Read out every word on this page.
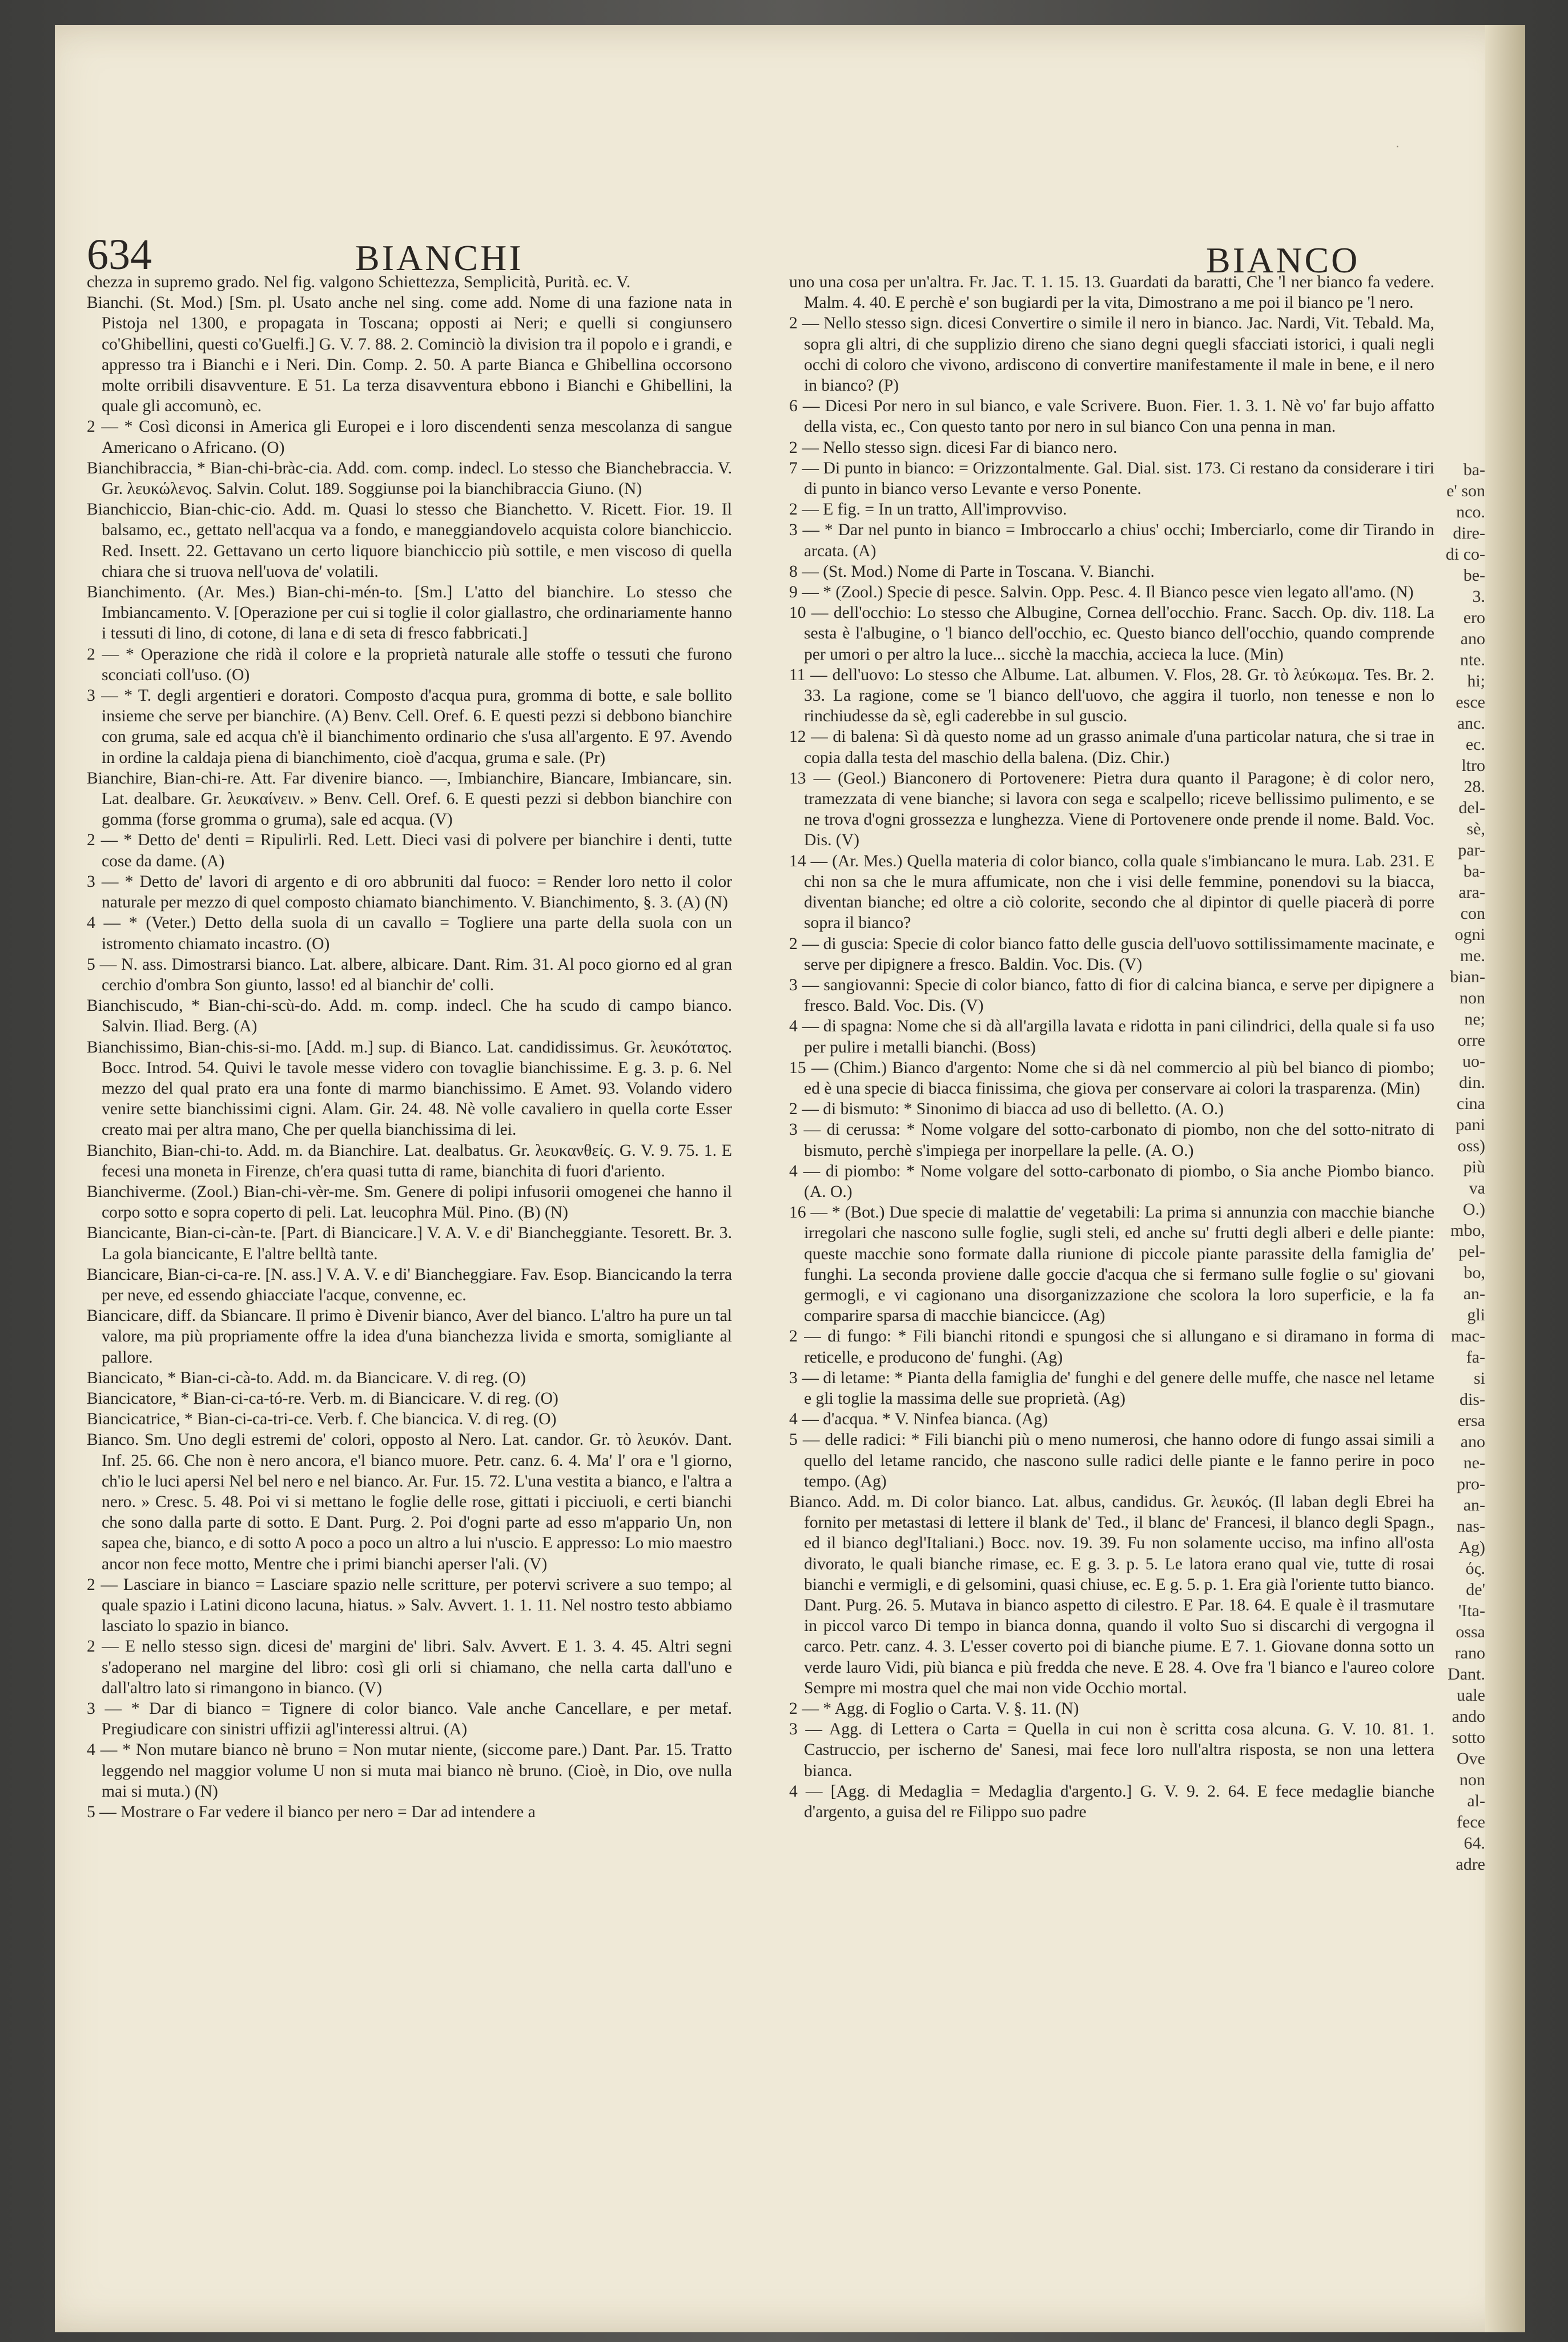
·
634	BIANCHI	BIANCO

chezza in supremo grado. Nel fig. valgono Schiettezza, Semplicità, Purità. ec. V.

Bianchi. (St. Mod.) [Sm. pl. Usato anche nel sing. come add. Nome di una fazione nata in Pistoja nel 1300, e propagata in Toscana; opposti ai Neri; e quelli si congiunsero co'Ghibellini, questi co'Guelfi.] G. V. 7. 88. 2. Cominciò la division tra il popolo e i grandi, e appresso tra i Bianchi e i Neri. Din. Comp. 2. 50. A parte Bianca e Ghibellina occorsono molte orribili disavventure. E 51. La terza disavventura ebbono i Bianchi e Ghibellini, la quale gli accomunò, ec.

2 — * Così diconsi in America gli Europei e i loro discendenti senza mescolanza di sangue Americano o Africano. (O)

Bianchibraccia, * Bian-chi-bràc-cia. Add. com. comp. indecl. Lo stesso che Bianchebraccia. V. Gr. λευκώλενος. Salvin. Colut. 189. Soggiunse poi la bianchibraccia Giuno. (N)

Bianchiccio, Bian-chic-cio. Add. m. Quasi lo stesso che Bianchetto. V. Ricett. Fior. 19. Il balsamo, ec., gettato nell'acqua va a fondo, e maneggiandovelo acquista colore bianchiccio. Red. Insett. 22. Gettavano un certo liquore bianchiccio più sottile, e men viscoso di quella chiara che si truova nell'uova de' volatili.

Bianchimento. (Ar. Mes.) Bian-chi-mén-to. [Sm.] L'atto del bianchire. Lo stesso che Imbiancamento. V. [Operazione per cui si toglie il color giallastro, che ordinariamente hanno i tessuti di lino, di cotone, di lana e di seta di fresco fabbricati.]

2 — * Operazione che ridà il colore e la proprietà naturale alle stoffe o tessuti che furono sconciati coll'uso. (O)

3 — * T. degli argentieri e doratori. Composto d'acqua pura, gromma di botte, e sale bollito insieme che serve per bianchire. (A) Benv. Cell. Oref. 6. E questi pezzi si debbono bianchire con gruma, sale ed acqua ch'è il bianchimento ordinario che s'usa all'argento. E 97. Avendo in ordine la caldaja piena di bianchimento, cioè d'acqua, gruma e sale. (Pr)

Bianchire, Bian-chi-re. Att. Far divenire bianco. —, Imbianchire, Biancare, Imbiancare, sin. Lat. dealbare. Gr. λευκαίνειν. » Benv. Cell. Oref. 6. E questi pezzi si debbon bianchire con gomma (forse gromma o gruma), sale ed acqua. (V)

2 — * Detto de' denti = Ripulirli. Red. Lett. Dieci vasi di polvere per bianchire i denti, tutte cose da dame. (A)

3 — * Detto de' lavori di argento e di oro abbruniti dal fuoco: = Render loro netto il color naturale per mezzo di quel composto chiamato bianchimento. V. Bianchimento, §. 3. (A) (N)

4 — * (Veter.) Detto della suola di un cavallo = Togliere una parte della suola con un istromento chiamato incastro. (O)

5 — N. ass. Dimostrarsi bianco. Lat. albere, albicare. Dant. Rim. 31. Al poco giorno ed al gran cerchio d'ombra Son giunto, lasso! ed al bianchir de' colli.

Bianchiscudo, * Bian-chi-scù-do. Add. m. comp. indecl. Che ha scudo di campo bianco. Salvin. Iliad. Berg. (A)

Bianchissimo, Bian-chis-si-mo. [Add. m.] sup. di Bianco. Lat. candidissimus. Gr. λευκότατος. Bocc. Introd. 54. Quivi le tavole messe videro con tovaglie bianchissime. E g. 3. p. 6. Nel mezzo del qual prato era una fonte di marmo bianchissimo. E Amet. 93. Volando videro venire sette bianchissimi cigni. Alam. Gir. 24. 48. Nè volle cavaliero in quella corte Esser creato mai per altra mano, Che per quella bianchissima di lei.

Bianchito, Bian-chi-to. Add. m. da Bianchire. Lat. dealbatus. Gr. λευκανθείς. G. V. 9. 75. 1. E fecesi una moneta in Firenze, ch'era quasi tutta di rame, bianchita di fuori d'ariento.

Bianchiverme. (Zool.) Bian-chi-vèr-me. Sm. Genere di polipi infusorii omogenei che hanno il corpo sotto e sopra coperto di peli. Lat. leucophra Mül. Pino. (B) (N)

Biancicante, Bian-ci-càn-te. [Part. di Biancicare.] V. A. V. e di' Biancheggiante. Tesorett. Br. 3. La gola biancicante, E l'altre belltà tante.

Biancicare, Bian-ci-ca-re. [N. ass.] V. A. V. e di' Biancheggiare. Fav. Esop. Biancicando la terra per neve, ed essendo ghiacciate l'acque, convenne, ec.

Biancicare, diff. da Sbiancare. Il primo è Divenir bianco, Aver del bianco. L'altro ha pure un tal valore, ma più propriamente offre la idea d'una bianchezza livida e smorta, somigliante al pallore.

Biancicato, * Bian-ci-cà-to. Add. m. da Biancicare. V. di reg. (O)

Biancicatore, * Bian-ci-ca-tó-re. Verb. m. di Biancicare. V. di reg. (O)

Biancicatrice, * Bian-ci-ca-tri-ce. Verb. f. Che biancica. V. di reg. (O)

Bianco. Sm. Uno degli estremi de' colori, opposto al Nero. Lat. candor. Gr. τὸ λευκόν. Dant. Inf. 25. 66. Che non è nero ancora, e'l bianco muore. Petr. canz. 6. 4. Ma' l' ora e 'l giorno, ch'io le luci apersi Nel bel nero e nel bianco. Ar. Fur. 15. 72. L'una vestita a bianco, e l'altra a nero. » Cresc. 5. 48. Poi vi si mettano le foglie delle rose, gittati i picciuoli, e certi bianchi che sono dalla parte di sotto. E Dant. Purg. 2. Poi d'ogni parte ad esso m'appario Un, non sapea che, bianco, e di sotto A poco a poco un altro a lui n'uscio. E appresso: Lo mio maestro ancor non fece motto, Mentre che i primi bianchi aperser l'ali. (V)

2 — Lasciare in bianco = Lasciare spazio nelle scritture, per potervi scrivere a suo tempo; al quale spazio i Latini dicono lacuna, hiatus. » Salv. Avvert. 1. 1. 11. Nel nostro testo abbiamo lasciato lo spazio in bianco.

2 — E nello stesso sign. dicesi de' margini de' libri. Salv. Avvert. E 1. 3. 4. 45. Altri segni s'adoperano nel margine del libro: così gli orli si chiamano, che nella carta dall'uno e dall'altro lato si rimangono in bianco. (V)

3 — * Dar di bianco = Tignere di color bianco. Vale anche Cancellare, e per metaf. Pregiudicare con sinistri uffizii agl'interessi altrui. (A)

4 — * Non mutare bianco nè bruno = Non mutar niente, (siccome pare.) Dant. Par. 15. Tratto leggendo nel maggior volume U non si muta mai bianco nè bruno. (Cioè, in Dio, ove nulla mai si muta.) (N)

5 — Mostrare o Far vedere il bianco per nero = Dar ad intendere a

uno una cosa per un'altra. Fr. Jac. T. 1. 15. 13. Guardati da baratti, Che 'l ner bianco fa vedere. Malm. 4. 40. E perchè e' son bugiardi per la vita, Dimostrano a me poi il bianco pe 'l nero.

2 — Nello stesso sign. dicesi Convertire o simile il nero in bianco. Jac. Nardi, Vit. Tebald. Ma, sopra gli altri, di che supplizio direno che siano degni quegli sfacciati istorici, i quali negli occhi di coloro che vivono, ardiscono di convertire manifestamente il male in bene, e il nero in bianco? (P)

6 — Dicesi Por nero in sul bianco, e vale Scrivere. Buon. Fier. 1. 3. 1. Nè vo' far bujo affatto della vista, ec., Con questo tanto por nero in sul bianco Con una penna in man.

2 — Nello stesso sign. dicesi Far di bianco nero.

7 — Di punto in bianco: = Orizzontalmente. Gal. Dial. sist. 173. Ci restano da considerare i tiri di punto in bianco verso Levante e verso Ponente.

2 — E fig. = In un tratto, All'improvviso.

3 — * Dar nel punto in bianco = Imbroccarlo a chius' occhi; Imberciarlo, come dir Tirando in arcata. (A)

8 — (St. Mod.) Nome di Parte in Toscana. V. Bianchi.

9 — * (Zool.) Specie di pesce. Salvin. Opp. Pesc. 4. Il Bianco pesce vien legato all'amo. (N)

10 — dell'occhio: Lo stesso che Albugine, Cornea dell'occhio. Franc. Sacch. Op. div. 118. La sesta è l'albugine, o 'l bianco dell'occhio, ec. Questo bianco dell'occhio, quando comprende per umori o per altro la luce... sicchè la macchia, accieca la luce. (Min)

11 — dell'uovo: Lo stesso che Albume. Lat. albumen. V. Flos, 28. Gr. τὸ λεύκωμα. Tes. Br. 2. 33. La ragione, come se 'l bianco dell'uovo, che aggira il tuorlo, non tenesse e non lo rinchiudesse da sè, egli caderebbe in sul guscio.

12 — di balena: Sì dà questo nome ad un grasso animale d'una particolar natura, che si trae in copia dalla testa del maschio della balena. (Diz. Chir.)

13 — (Geol.) Bianconero di Portovenere: Pietra dura quanto il Paragone; è di color nero, tramezzata di vene bianche; si lavora con sega e scalpello; riceve bellissimo pulimento, e se ne trova d'ogni grossezza e lunghezza. Viene di Portovenere onde prende il nome. Bald. Voc. Dis. (V)

14 — (Ar. Mes.) Quella materia di color bianco, colla quale s'imbiancano le mura. Lab. 231. E chi non sa che le mura affumicate, non che i visi delle femmine, ponendovi su la biacca, diventan bianche; ed oltre a ciò colorite, secondo che al dipintor di quelle piacerà di porre sopra il bianco?

2 — di guscia: Specie di color bianco fatto delle guscia dell'uovo sottilissimamente macinate, e serve per dipignere a fresco. Baldin. Voc. Dis. (V)

3 — sangiovanni: Specie di color bianco, fatto di fior di calcina bianca, e serve per dipignere a fresco. Bald. Voc. Dis. (V)

4 — di spagna: Nome che si dà all'argilla lavata e ridotta in pani cilindrici, della quale si fa uso per pulire i metalli bianchi. (Boss)

15 — (Chim.) Bianco d'argento: Nome che si dà nel commercio al più bel bianco di piombo; ed è una specie di biacca finissima, che giova per conservare ai colori la trasparenza. (Min)

2 — di bismuto: * Sinonimo di biacca ad uso di belletto. (A. O.)

3 — di cerussa: * Nome volgare del sotto-carbonato di piombo, non che del sotto-nitrato di bismuto, perchè s'impiega per inorpellare la pelle. (A. O.)

4 — di piombo: * Nome volgare del sotto-carbonato di piombo, o Sia anche Piombo bianco. (A. O.)

16 — * (Bot.) Due specie di malattie de' vegetabili: La prima si annunzia con macchie bianche irregolari che nascono sulle foglie, sugli steli, ed anche su' frutti degli alberi e delle piante: queste macchie sono formate dalla riunione di piccole piante parassite della famiglia de' funghi. La seconda proviene dalle goccie d'acqua che si fermano sulle foglie o su' giovani germogli, e vi cagionano una disorganizzazione che scolora la loro superficie, e la fa comparire sparsa di macchie biancicce. (Ag)

2 — di fungo: * Fili bianchi ritondi e spungosi che si allungano e si diramano in forma di reticelle, e producono de' funghi. (Ag)

3 — di letame: * Pianta della famiglia de' funghi e del genere delle muffe, che nasce nel letame e gli toglie la massima delle sue proprietà. (Ag)

4 — d'acqua. * V. Ninfea bianca. (Ag)

5 — delle radici: * Fili bianchi più o meno numerosi, che hanno odore di fungo assai simili a quello del letame rancido, che nascono sulle radici delle piante e le fanno perire in poco tempo. (Ag)

Bianco. Add. m. Di color bianco. Lat. albus, candidus. Gr. λευκός. (Il laban degli Ebrei ha fornito per metastasi di lettere il blank de' Ted., il blanc de' Francesi, il blanco degli Spagn., ed il bianco degl'Italiani.) Bocc. nov. 19. 39. Fu non solamente ucciso, ma infino all'osta divorato, le quali bianche rimase, ec. E g. 3. p. 5. Le latora erano qual vie, tutte di rosai bianchi e vermigli, e di gelsomini, quasi chiuse, ec. E g. 5. p. 1. Era già l'oriente tutto bianco. Dant. Purg. 26. 5. Mutava in bianco aspetto di cilestro. E Par. 18. 64. E quale è il trasmutare in piccol varco Di tempo in bianca donna, quando il volto Suo si discarchi di vergogna il carco. Petr. canz. 4. 3. L'esser coverto poi di bianche piume. E 7. 1. Giovane donna sotto un verde lauro Vidi, più bianca e più fredda che neve. E 28. 4. Ove fra 'l bianco e l'aureo colore Sempre mi mostra quel che mai non vide Occhio mortal.

2 — * Agg. di Foglio o Carta. V. §. 11. (N)

3 — Agg. di Lettera o Carta = Quella in cui non è scritta cosa alcuna. G. V. 10. 81. 1. Castruccio, per ischerno de' Sanesi, mai fece loro null'altra risposta, se non una lettera bianca.

4 — [Agg. di Medaglia = Medaglia d'argento.] G. V. 9. 2. 64. E fece medaglie bianche d'argento, a guisa del re Filippo suo padre

ba-
e' son
nco.
dire-
di co-
be-
3.
ero
ano
nte.
hi;
esce
anc.
ec.
ltro
28.
del-
sè,
par-
ba-
ara-
con
ogni
me.
bian-
non
ne;
orre
uo-
din.
cina
pani
oss)
più
va
O.)
mbo,
pel-
bo,
an-
gli
mac-
fa-
si
dis-
ersa
ano
ne-
pro-
an-
nas-
Ag)
ός.
de'
'Ita-
ossa
rano
Dant.
uale
ando
sotto
Ove
non
al-
fece
64.
adre
